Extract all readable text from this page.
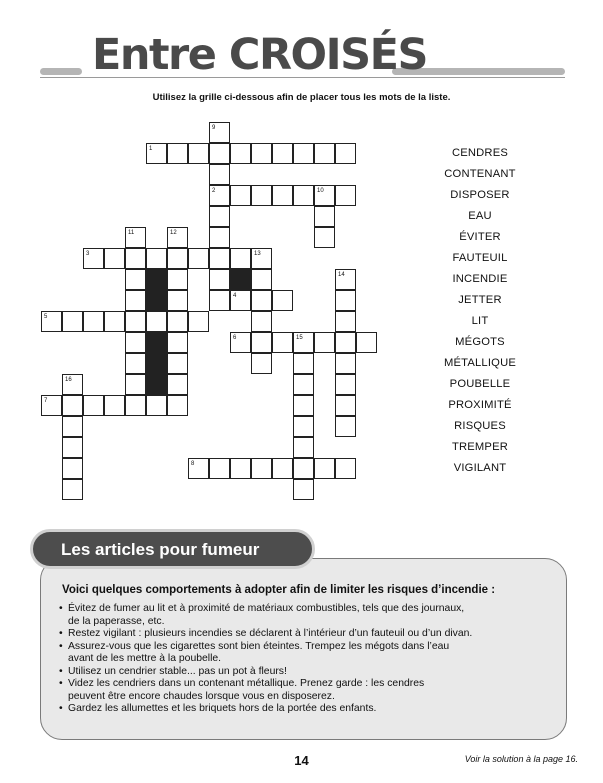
Entre CROISÉS
Utilisez la grille ci-dessous afin de placer tous les mots de la liste.
1
2
3
4
5
6
7
8
9
10
11	12
13
14
15
16
CENDRES
CONTENANT
DISPOSER
EAU
ÉVITER
FAUTEUIL
INCENDIE
JETTER
LIT
MÉGOTS
MÉTALLIQUE
POUBELLE
PROXIMITÉ
RISQUES
TREMPER
VIGILANT
Les articles pour fumeur
Voici quelques comportements à adopter afin de limiter les risques d’incendie :
• Évitez de fumer au lit et à proximité de matériaux combustibles, tels que des journaux,
de la paperasse, etc.
• Restez vigilant : plusieurs incendies se déclarent à l’intérieur d’un fauteuil ou d’un divan.
• Assurez-vous que les cigarettes sont bien éteintes. Trempez les mégots dans l’eau
avant de les mettre à la poubelle.
• Utilisez un cendrier stable... pas un pot à fleurs!
• Videz les cendriers dans un contenant métallique. Prenez garde : les cendres
peuvent être encore chaudes lorsque vous en disposerez.
• Gardez les allumettes et les briquets hors de la portée des enfants.
14	Voir la solution à la page 16.
